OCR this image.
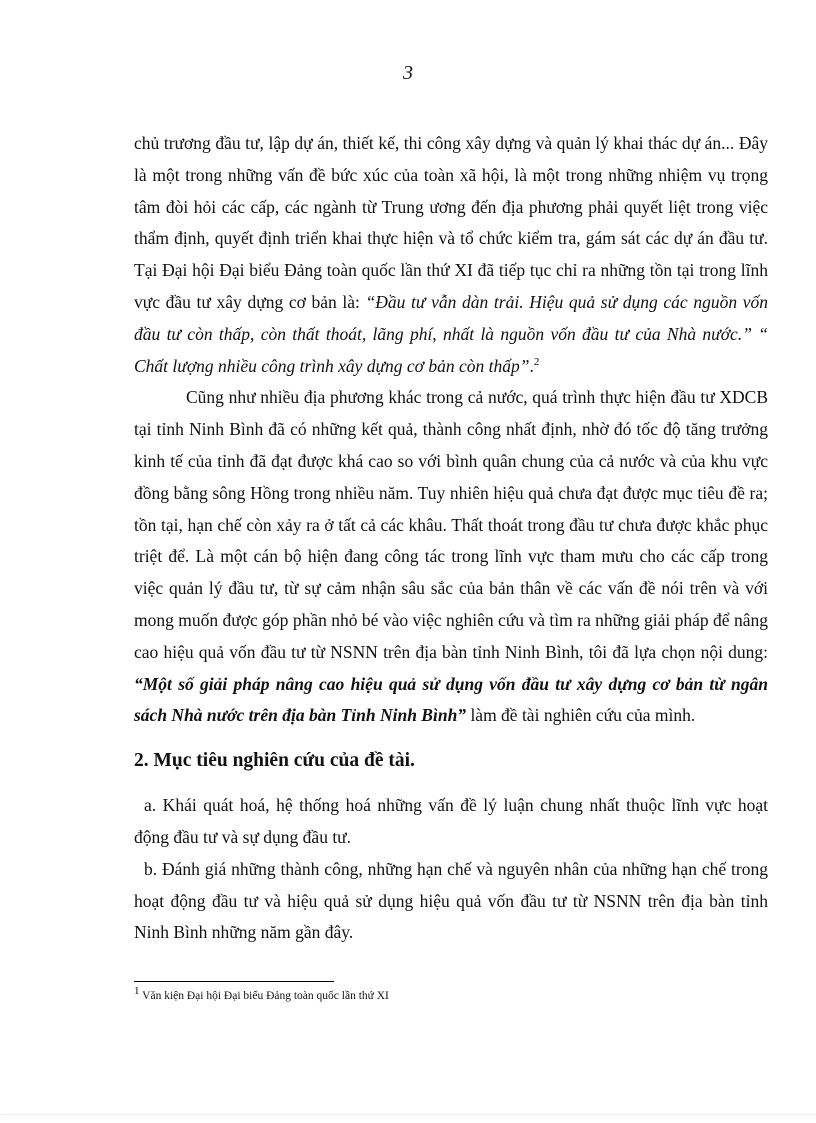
3

chủ trương đầu tư, lập dự án, thiết kế, thi công xây dựng và quản lý khai thác dự án... Đây là một trong những vấn đề bức xúc của toàn xã hội, là một trong những nhiệm vụ trọng tâm đòi hỏi các cấp, các ngành từ Trung ương đến địa phương phải quyết liệt trong việc thẩm định, quyết định triển khai thực hiện và tổ chức kiểm tra, gám sát các dự án đầu tư. Tại Đại hội Đại biểu Đảng toàn quốc lần thứ XI đã tiếp tục chỉ ra những tồn tại trong lĩnh vực đầu tư xây dựng cơ bản là: “Đầu tư vẫn dàn trải. Hiệu quả sử dụng các nguồn vốn đầu tư còn thấp, còn thất thoát, lãng phí, nhất là nguồn vốn đầu tư của Nhà nước.” “ Chất lượng nhiều công trình xây dựng cơ bản còn thấp”.$^2$

Cũng như nhiều địa phương khác trong cả nước, quá trình thực hiện đầu tư XDCB tại tỉnh Ninh Bình đã có những kết quả, thành công nhất định, nhờ đó tốc độ tăng trưởng kinh tế của tỉnh đã đạt được khá cao so với bình quân chung của cả nước và của khu vực đồng bằng sông Hồng trong nhiều năm. Tuy nhiên hiệu quả chưa đạt được mục tiêu đề ra; tồn tại, hạn chế còn xảy ra ở tất cả các khâu. Thất thoát trong đầu tư chưa được khắc phục triệt để. Là một cán bộ hiện đang công tác trong lĩnh vực tham mưu cho các cấp trong việc quản lý đầu tư, từ sự cảm nhận sâu sắc của bản thân về các vấn đề nói trên và với mong muốn được góp phần nhỏ bé vào việc nghiên cứu và tìm ra những giải pháp để nâng cao hiệu quả vốn đầu tư từ NSNN trên địa bàn tỉnh Ninh Bình, tôi đã lựa chọn nội dung: “Một số giải pháp nâng cao hiệu quả sử dụng vốn đầu tư xây dựng cơ bản từ ngân sách Nhà nước trên địa bàn Tỉnh Ninh Bình” làm đề tài nghiên cứu của mình.

2. Mục tiêu nghiên cứu của đề tài.

a. Khái quát hoá, hệ thống hoá những vấn đề lý luận chung nhất thuộc lĩnh vực hoạt động đầu tư và sự dụng đầu tư.

b. Đánh giá những thành công, những hạn chế và nguyên nhân của những hạn chế trong hoạt động đầu tư và hiệu quả sử dụng hiệu quả vốn đầu tư từ NSNN trên địa bàn tỉnh Ninh Bình những năm gần đây.

$^1$ Văn kiện Đại hội Đại biểu Đảng toàn quốc lần thứ XI
